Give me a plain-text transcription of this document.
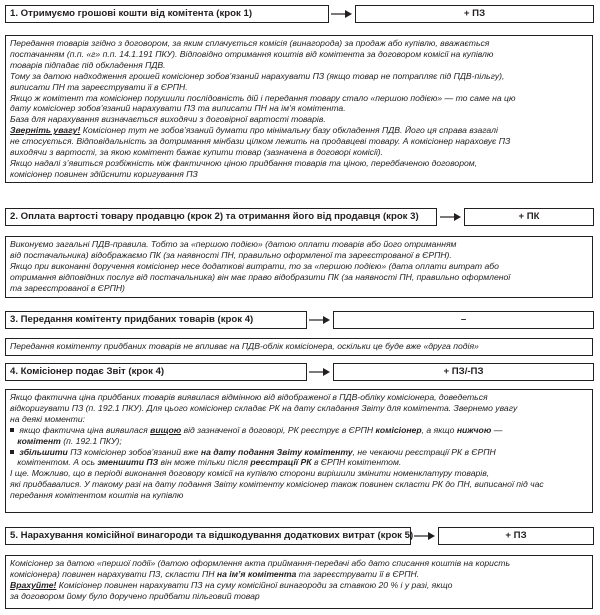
1. Отримуємо грошові кошти від комітента (крок 1)	+ ПЗ

Передання товарів згідно з договором, за яким сплачується комісія (винагорода) за продаж або купівлю, вважається

постачанням (п.п. «г» п.п. 14.1.191 ПКУ). Відповідно отримання коштів від комітента за договором комісії на купівлю

товарів підпадає під обкладення ПДВ.

Тому за датою надходження грошей комісіонер зобов’язаний нарахувати ПЗ (якщо товар не потрапляє під ПДВ-пільгу),

виписати ПН та зареєструвати її в ЄРПН.

Якщо ж комітент та комісіонер порушили послідовність дій і передання товару стало «першою подією» — то саме на цю

дату комісіонер зобов’язаний нарахувати ПЗ та виписати ПН на ім’я комітента.

База для нарахування визначається виходячи з договірної вартості товарів.

Зверніть увагу! Комісіонер тут не зобов’язаний думати про мінімальну базу обкладення ПДВ. Його ця справа взагалі

не стосується. Відповідальність за дотримання мінбази цілком лежить на продавцеві товару. А комісіонер нараховує ПЗ

виходячи з вартості, за якою комітент бажає купити товар (зазначена в договорі комісії).

Якщо надалі з’явиться розбіжність між фактичною ціною придбання товарів та ціною, передбаченою договором,

комісіонер повинен здійснити коригування ПЗ

2. Оплата вартості товару продавцю (крок 2) та отримання його від продавця (крок 3)	+ ПК

Виконуємо загальні ПДВ-правила. Тобто за «першою подією» (датою оплати товарів або його отриманням

від постачальника) відображаємо ПК (за наявності ПН, правильно оформленої та зареєстрованої в ЄРПН).

Якщо при виконанні доручення комісіонер несе додаткові витрати, то за «першою подією» (дата оплати витрат або

отримання відповідних послуг від постачальника) він має право відобразити ПК (за наявності ПН, правильно оформленої

та зареєстрованої в ЄРПН)

3. Передання комітенту придбаних товарів (крок 4)	–

Передання комітенту придбаних товарів не впливає на ПДВ-облік комісіонера, оскільки це буде вже «друга подія»

4. Комісіонер подає Звіт (крок 4)	+ ПЗ/-ПЗ

Якщо фактична ціна придбаних товарів виявилася відмінною від відображеної в ПДВ-обліку комісіонера, доведеться

відкоригувати ПЗ (п. 192.1 ПКУ). Для цього комісіонер складає РК на дату складання Звіту для комітента. Звернемо увагу

на деякі моменти:

якщо фактична ціна виявилася вищою від зазначеної в договорі, РК реєструє в ЄРПН комісіонер, а якщо нижчою —

комітент (п. 192.1 ПКУ);

збільшити ПЗ комісіонер зобов’язаний вже на дату подання Звіту комітенту, не чекаючи реєстрації РК в ЄРПН

комітентом. А ось зменшити ПЗ він може тільки після реєстрації РК в ЄРПН комітентом.

І ще. Можливо, що в періоді виконання договору комісії на купівлю сторони вирішили змінити номенклатуру товарів,

які придбавалися. У такому разі на дату подання Звіту комітенту комісіонер також повинен скласти РК до ПН, виписаної під час

передання комітентом коштів на купівлю

5. Нарахування комісійної винагороди та відшкодування додаткових витрат (крок 5)	+ ПЗ

Комісіонер за датою «першої події» (датою оформлення акта приймання-передачі або дато списання коштів на користь

комісіонера) повинен нарахувати ПЗ, скласти ПН на ім’я комітента та зареєструвати її в ЄРПН.

Врахуйте! Комісіонер повинен нарахувати ПЗ на суму комісійної винагороди за ставкою 20 % і у разі, якщо

за договором йому було доручено придбати пільговий товар
